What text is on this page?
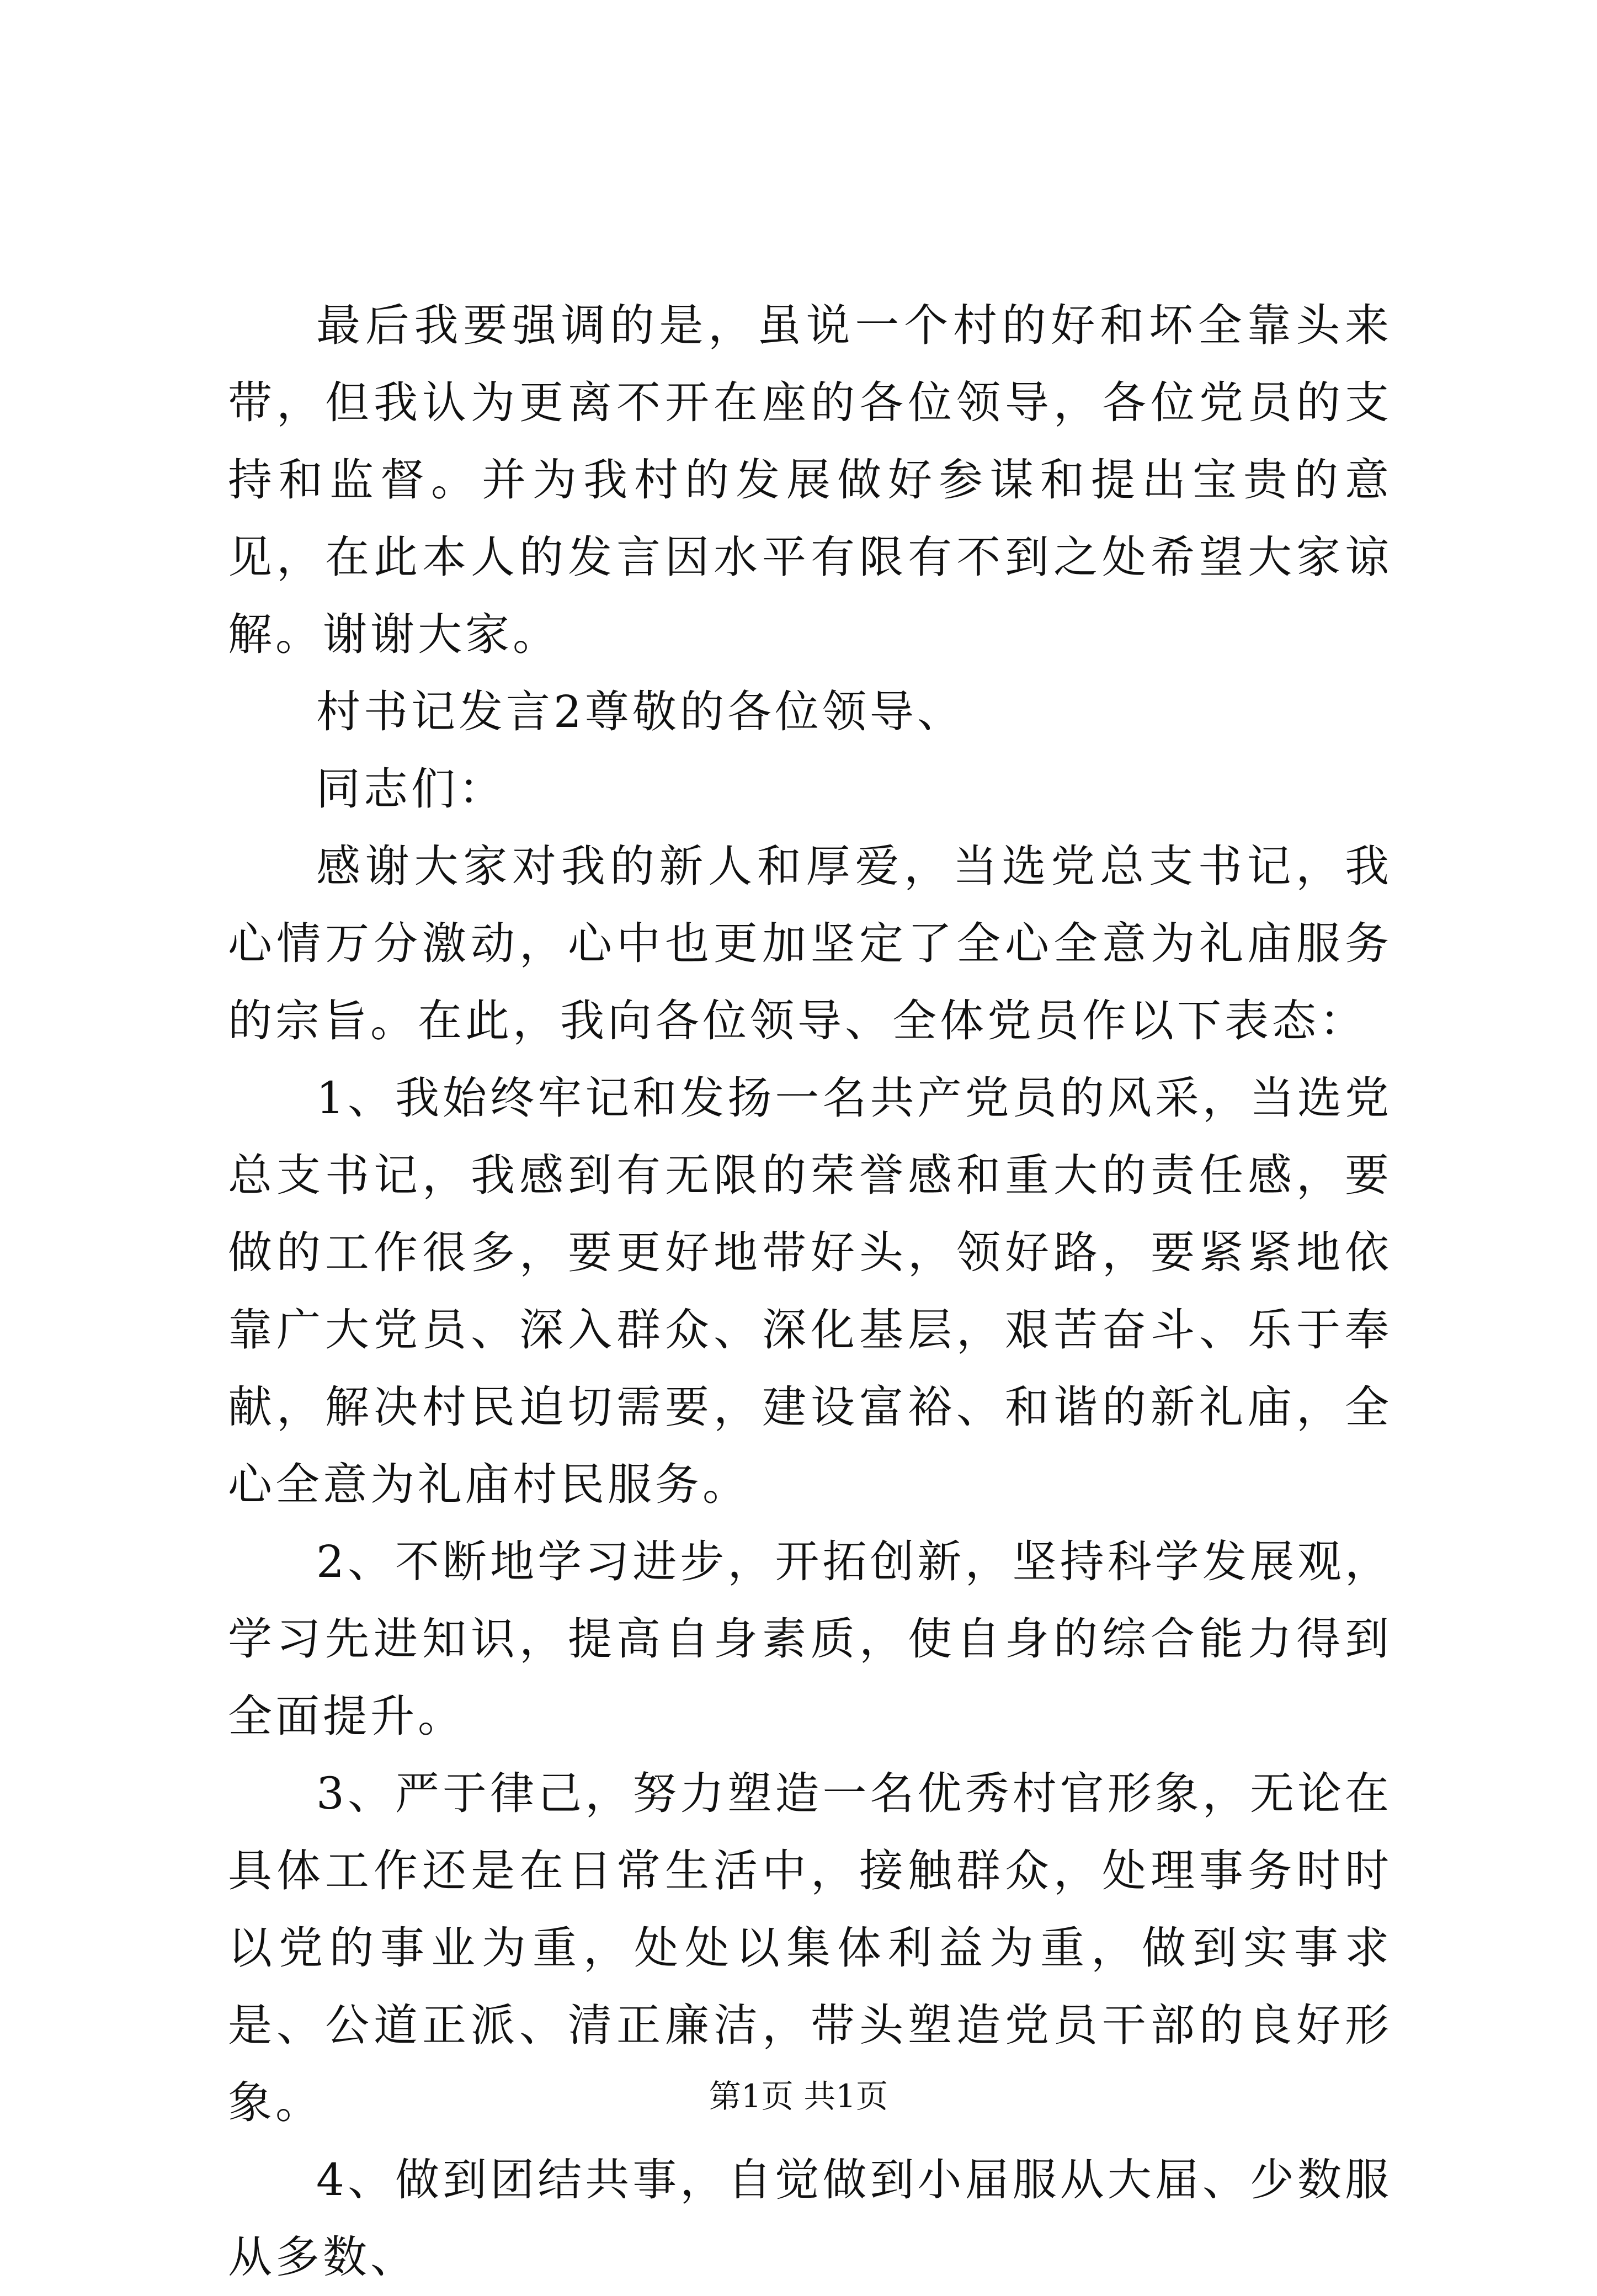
最后我要强调的是，虽说一个村的好和坏全靠头来带，但我认为更离不开在座的各位领导，各位党员的支持和监督。并为我村的发展做好参谋和提出宝贵的意见，在此本人的发言因水平有限有不到之处希望大家谅解。谢谢大家。

村书记发言2尊敬的各位领导、

同志们：

感谢大家对我的新人和厚爱，当选党总支书记，我心情万分激动，心中也更加坚定了全心全意为礼庙服务的宗旨。在此，我向各位领导、全体党员作以下表态：

1、我始终牢记和发扬一名共产党员的风采，当选党总支书记，我感到有无限的荣誉感和重大的责任感，要做的工作很多，要更好地带好头，领好路，要紧紧地依靠广大党员、深入群众、深化基层，艰苦奋斗、乐于奉献，解决村民迫切需要，建设富裕、和谐的新礼庙，全心全意为礼庙村民服务。

2、不断地学习进步，开拓创新，坚持科学发展观，学习先进知识，提高自身素质，使自身的综合能力得到全面提升。

3、严于律己，努力塑造一名优秀村官形象，无论在具体工作还是在日常生活中，接触群众，处理事务时时以党的事业为重，处处以集体利益为重，做到实事求是、公道正派、清正廉洁，带头塑造党员干部的良好形象。

4、做到团结共事，自觉做到小届服从大届、少数服从多数、

第1页 共1页
